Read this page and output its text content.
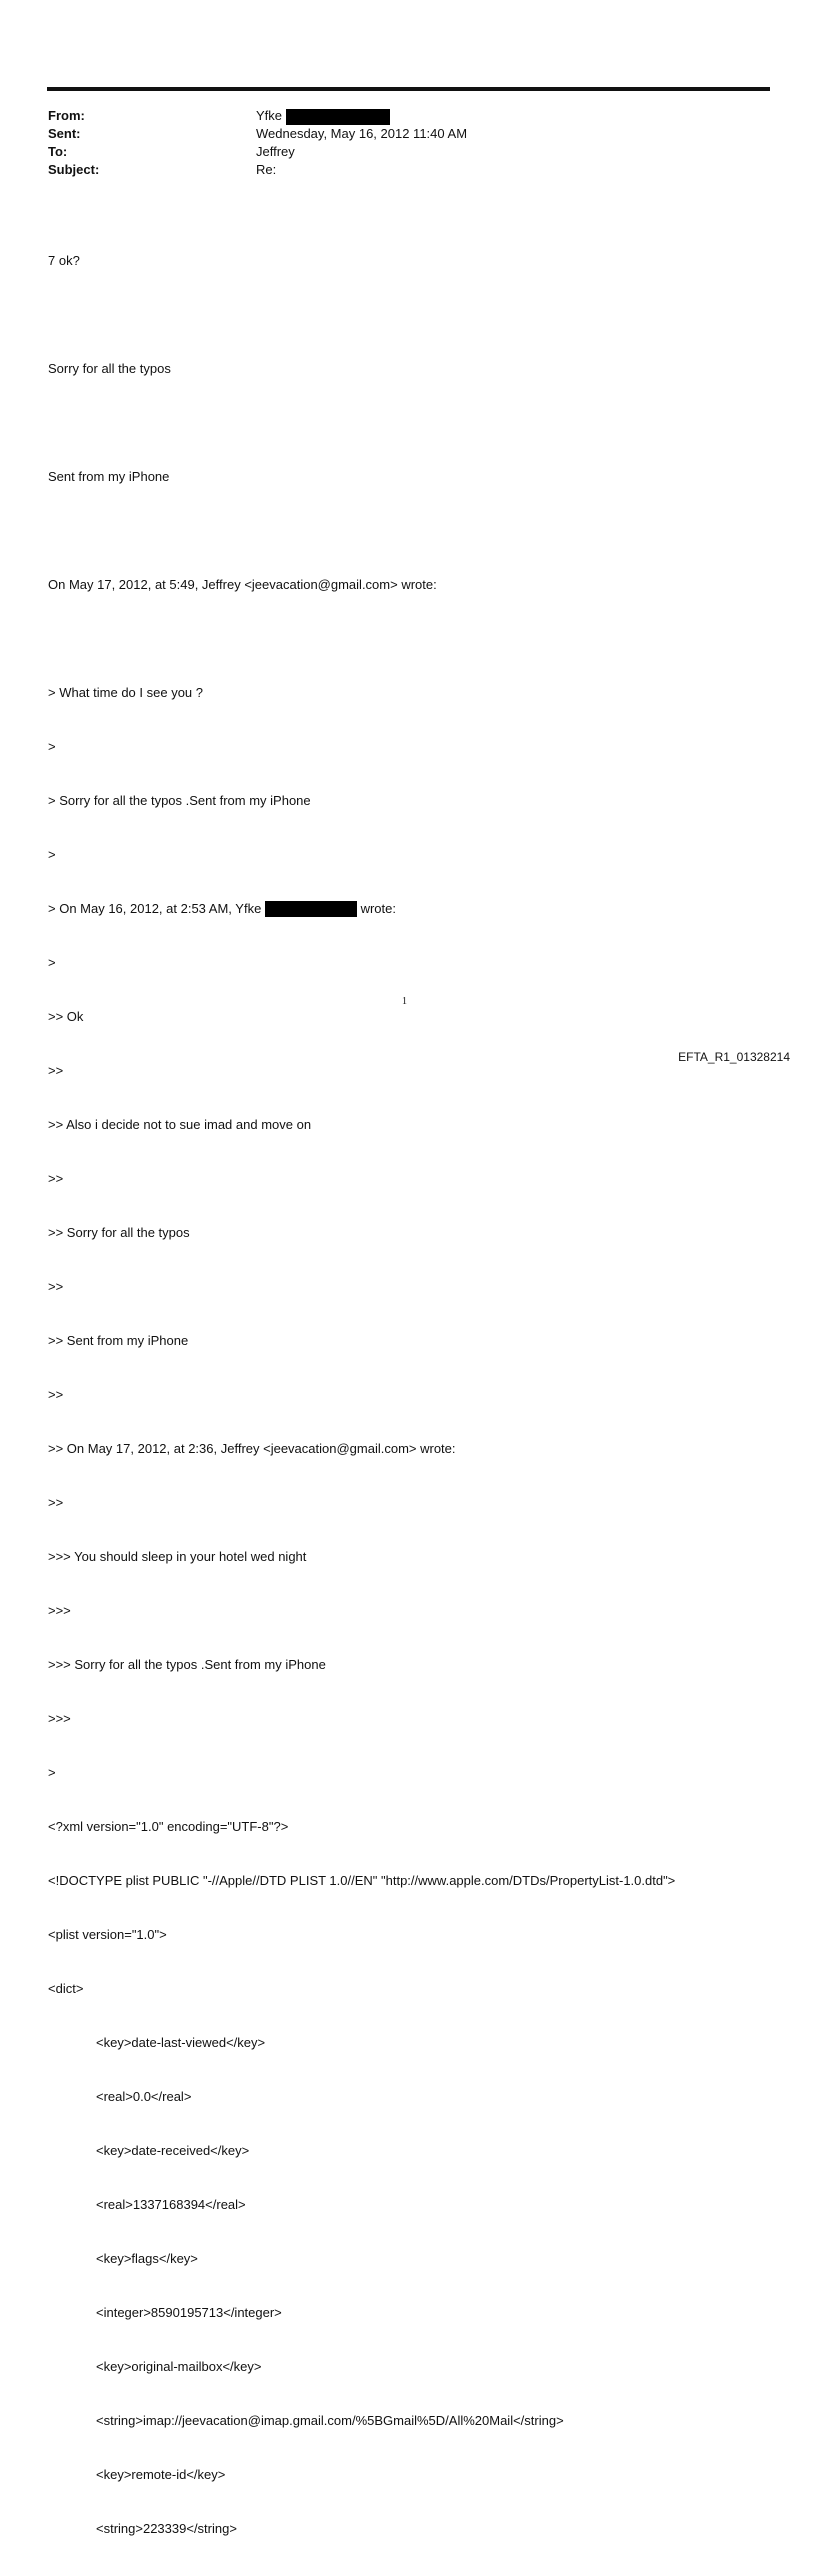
From:	Yfke
Sent:	Wednesday, May 16, 2012 11:40 AM
To:	Jeffrey
Subject:	Re:

7 ok?

Sorry for all the typos

Sent from my iPhone

On May 17, 2012, at 5:49, Jeffrey <jeevacation@gmail.com> wrote:

> What time do I see you ?

>

> Sorry for all the typos .Sent from my iPhone

>

> On May 16, 2012, at 2:53 AM, Yfke

	wrote:

>

>> Ok

>>

>> Also i decide not to sue imad and move on

>>

>> Sorry for all the typos

>>

>> Sent from my iPhone

>>

>> On May 17, 2012, at 2:36, Jeffrey <jeevacation@gmail.com> wrote:

>>

>>> You should sleep in your hotel wed night

>>>

>>> Sorry for all the typos .Sent from my iPhone

>>>

>

<?xml version="1.0" encoding="UTF-8"?>

<!DOCTYPE plist PUBLIC "-//Apple//DTD PLIST 1.0//EN" "http://www.apple.com/DTDs/PropertyList-1.0.dtd">

<plist version="1.0">

<dict>

<key>date-last-viewed</key>

<real>0.0</real>

<key>date-received</key>

<real>1337168394</real>

<key>flags</key>

<integer>8590195713</integer>

<key>original-mailbox</key>

<string>imap://jeevacation@imap.gmail.com/%5BGmail%5D/All%20Mail</string>

<key>remote-id</key>

<string>223339</string>

1
EFTA_R1_01328214
